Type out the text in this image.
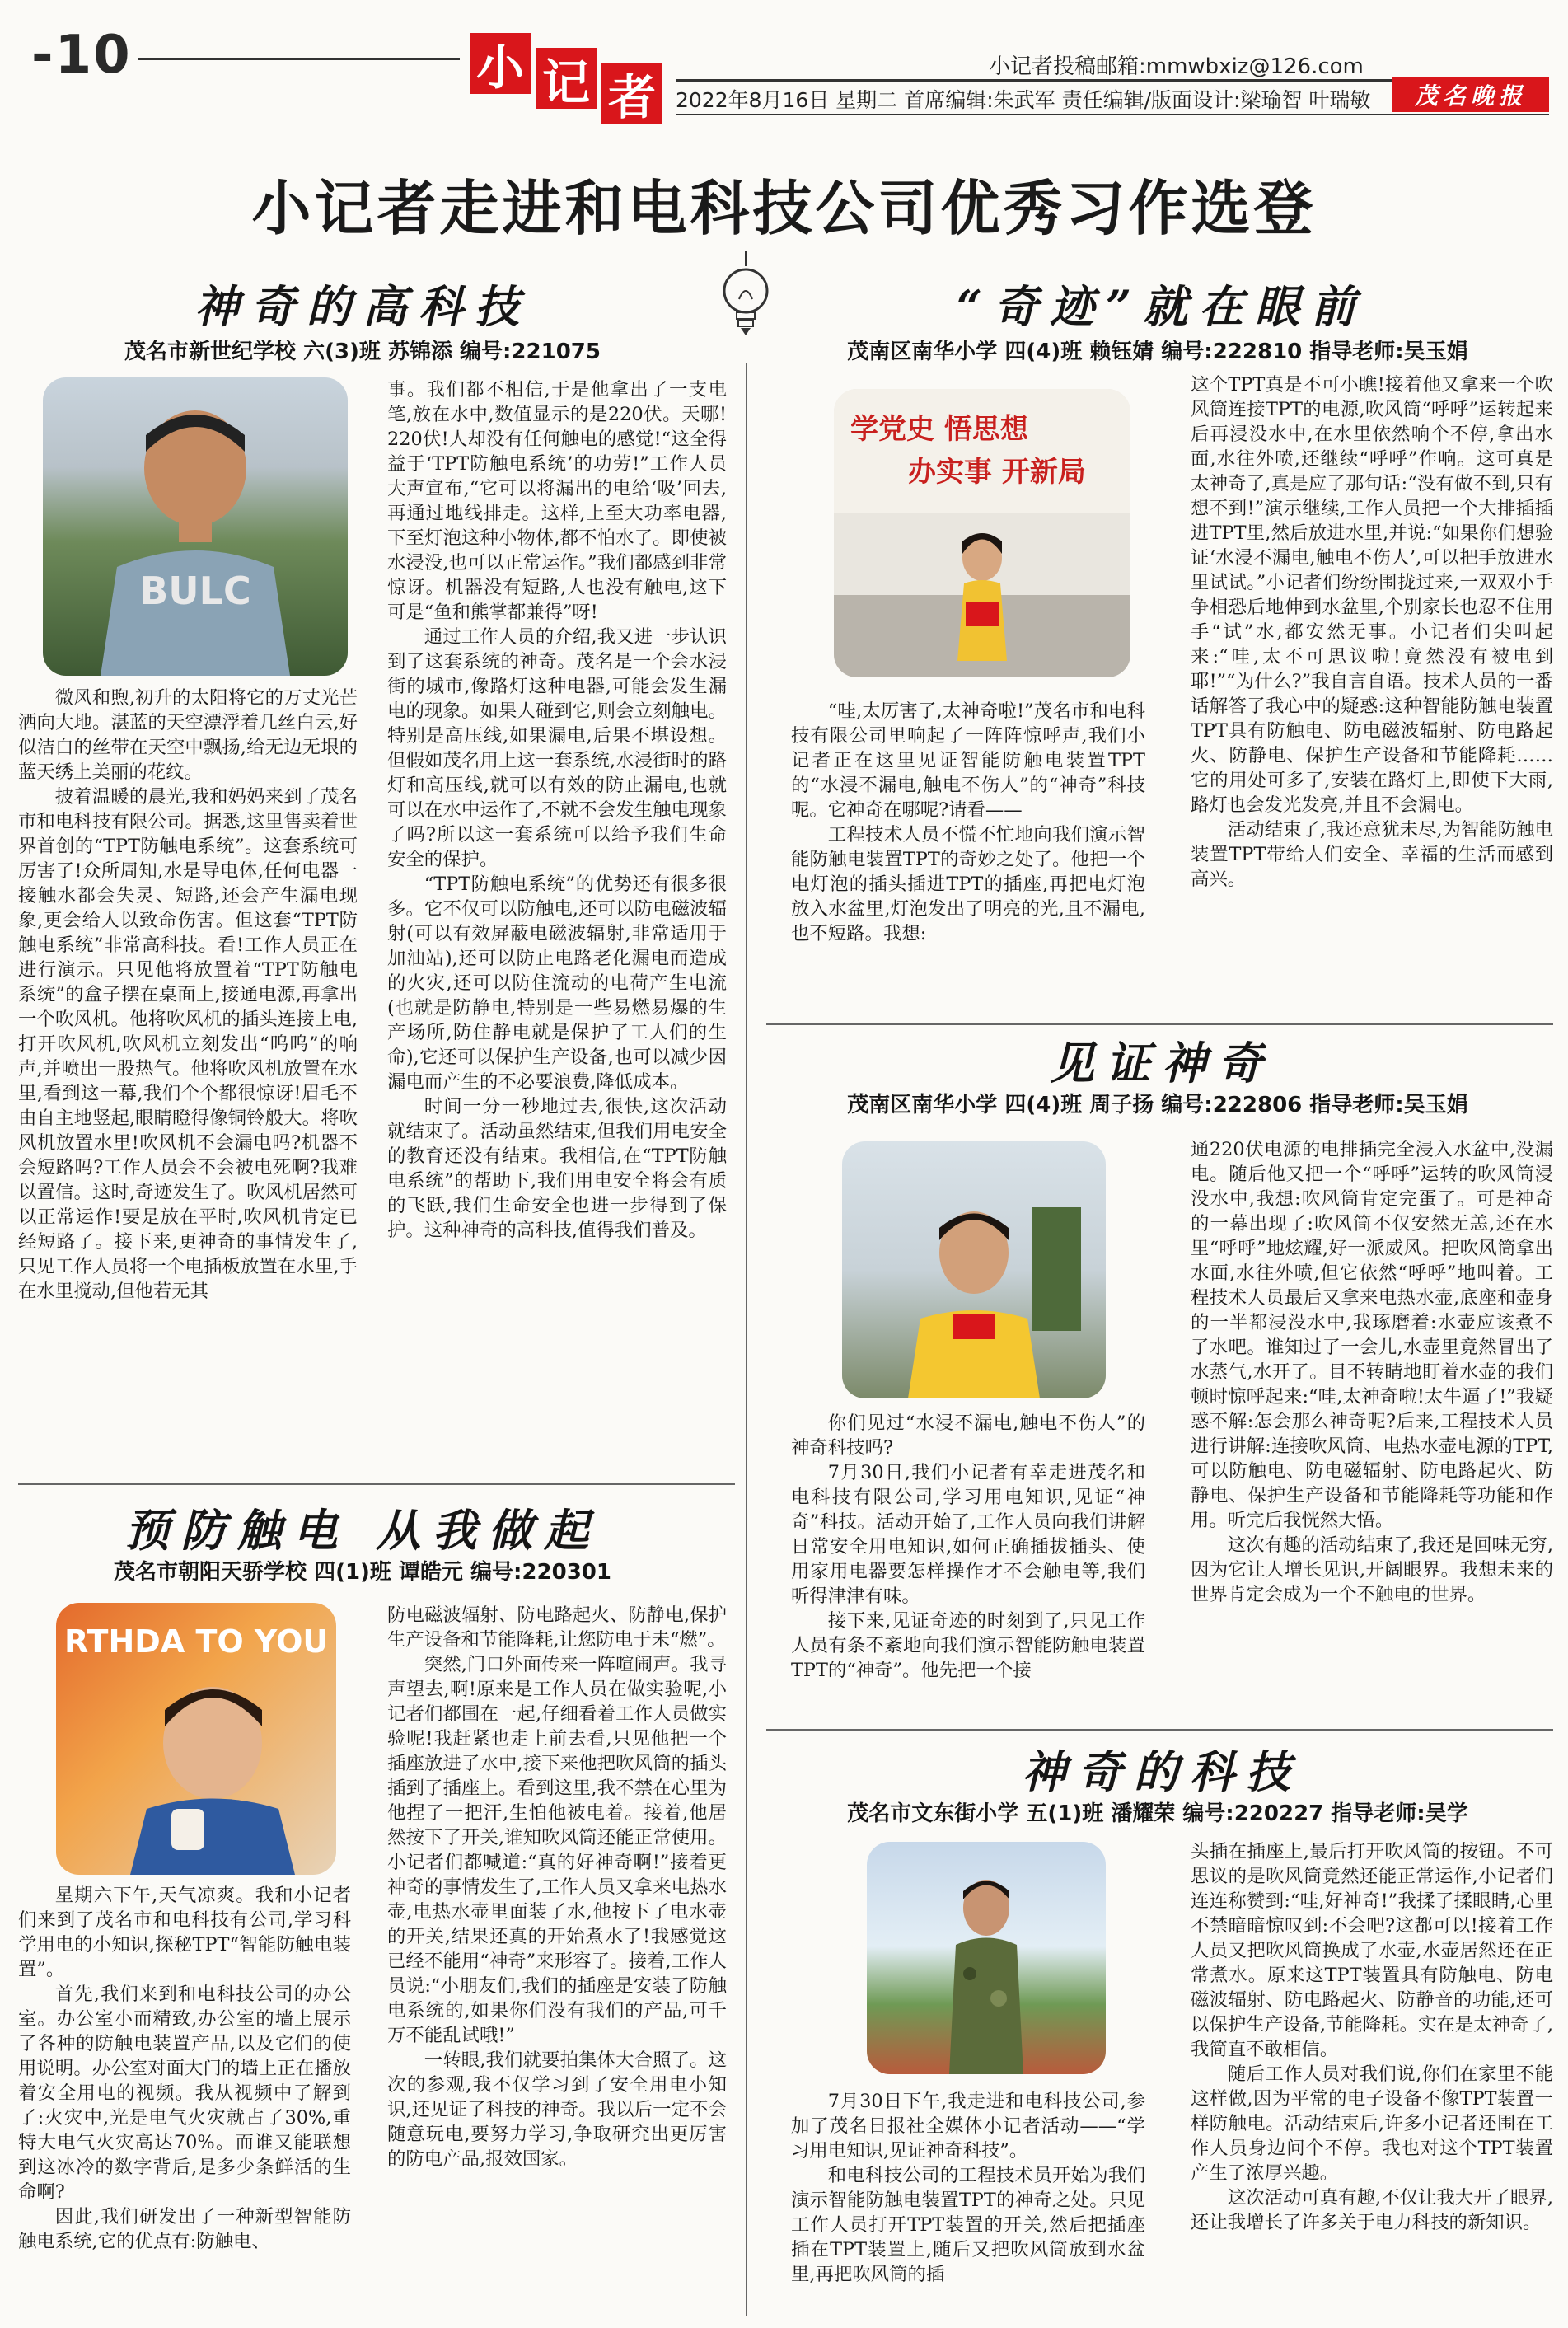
-10	小 记 者
小记者投稿邮箱:mmwbxiz@126.com
2022年8月16日 星期二 首席编辑:朱武军 责任编辑/版面设计:梁瑜智 叶瑞敏	茂名晚报
小记者走进和电科技公司优秀习作选登
神奇的高科技
茂名市新世纪学校 六(3)班 苏锦添 编号:221075
BULC

微风和煦,初升的太阳将它的万丈光芒洒向大地。湛蓝的天空漂浮着几丝白云,好似洁白的丝带在天空中飘扬,给无边无垠的蓝天绣上美丽的花纹。

披着温暖的晨光,我和妈妈来到了茂名市和电科技有限公司。据悉,这里售卖着世界首创的“TPT防触电系统”。这套系统可厉害了!众所周知,水是导电体,任何电器一接触水都会失灵、短路,还会产生漏电现象,更会给人以致命伤害。但这套“TPT防触电系统”非常高科技。看!工作人员正在进行演示。只见他将放置着“TPT防触电系统”的盒子摆在桌面上,接通电源,再拿出一个吹风机。他将吹风机的插头连接上电,打开吹风机,吹风机立刻发出“呜呜”的响声,并喷出一股热气。他将吹风机放置在水里,看到这一幕,我们个个都很惊讶!眉毛不由自主地竖起,眼睛瞪得像铜铃般大。将吹风机放置水里!吹风机不会漏电吗?机器不会短路吗?工作人员会不会被电死啊?我难以置信。这时,奇迹发生了。吹风机居然可以正常运作!要是放在平时,吹风机肯定已经短路了。接下来,更神奇的事情发生了,只见工作人员将一个电插板放置在水里,手在水里搅动,但他若无其

事。我们都不相信,于是他拿出了一支电笔,放在水中,数值显示的是220伏。天哪!220伏!人却没有任何触电的感觉!“这全得益于‘TPT防触电系统’的功劳!”工作人员大声宣布,“它可以将漏出的电给‘吸’回去,再通过地线排走。这样,上至大功率电器,下至灯泡这种小物体,都不怕水了。即使被水浸没,也可以正常运作。”我们都感到非常惊讶。机器没有短路,人也没有触电,这下可是“鱼和熊掌都兼得”呀!

通过工作人员的介绍,我又进一步认识到了这套系统的神奇。茂名是一个会水浸街的城市,像路灯这种电器,可能会发生漏电的现象。如果人碰到它,则会立刻触电。特别是高压线,如果漏电,后果不堪设想。但假如茂名用上这一套系统,水浸街时的路灯和高压线,就可以有效的防止漏电,也就可以在水中运作了,不就不会发生触电现象了吗?所以这一套系统可以给予我们生命安全的保护。

“TPT防触电系统”的优势还有很多很多。它不仅可以防触电,还可以防电磁波辐射(可以有效屏蔽电磁波辐射,非常适用于加油站),还可以防止电路老化漏电而造成的火灾,还可以防住流动的电荷产生电流(也就是防静电,特别是一些易燃易爆的生产场所,防住静电就是保护了工人们的生命),它还可以保护生产设备,也可以减少因漏电而产生的不必要浪费,降低成本。

时间一分一秒地过去,很快,这次活动就结束了。活动虽然结束,但我们用电安全的教育还没有结束。我相信,在“TPT防触电系统”的帮助下,我们用电安全将会有质的飞跃,我们生命安全也进一步得到了保护。这种神奇的高科技,值得我们普及。

预防触电 从我做起
茂名市朝阳天骄学校 四(1)班 谭皓元 编号:220301
RTHDA TO YOU

星期六下午,天气凉爽。我和小记者们来到了茂名市和电科技有公司,学习科学用电的小知识,探秘TPT“智能防触电装置”。

首先,我们来到和电科技公司的办公室。办公室小而精致,办公室的墙上展示了各种的防触电装置产品,以及它们的使用说明。办公室对面大门的墙上正在播放着安全用电的视频。我从视频中了解到了:火灾中,光是电气火灾就占了30%,重特大电气火灾高达70%。而谁又能联想到这冰冷的数字背后,是多少条鲜活的生命啊?

因此,我们研发出了一种新型智能防触电系统,它的优点有:防触电、

防电磁波辐射、防电路起火、防静电,保护生产设备和节能降耗,让您防电于未“燃”。

突然,门口外面传来一阵喧闹声。我寻声望去,啊!原来是工作人员在做实验呢,小记者们都围在一起,仔细看着工作人员做实验呢!我赶紧也走上前去看,只见他把一个插座放进了水中,接下来他把吹风筒的插头插到了插座上。看到这里,我不禁在心里为他捏了一把汗,生怕他被电着。接着,他居然按下了开关,谁知吹风筒还能正常使用。小记者们都喊道:“真的好神奇啊!”接着更神奇的事情发生了,工作人员又拿来电热水壶,电热水壶里面装了水,他按下了电水壶的开关,结果还真的开始煮水了!我感觉这已经不能用“神奇”来形容了。接着,工作人员说:“小朋友们,我们的插座是安装了防触电系统的,如果你们没有我们的产品,可千万不能乱试哦!”

一转眼,我们就要拍集体大合照了。这次的参观,我不仅学习到了安全用电小知识,还见证了科技的神奇。我以后一定不会随意玩电,要努力学习,争取研究出更厉害的防电产品,报效国家。

“奇迹”就在眼前
茂南区南华小学 四(4)班 赖钰婧 编号:222810 指导老师:吴玉娟
学党史 悟思想
办实事 开新局

“哇,太厉害了,太神奇啦!”茂名市和电科技有限公司里响起了一阵阵惊呼声,我们小记者正在这里见证智能防触电装置TPT的“水浸不漏电,触电不伤人”的“神奇”科技呢。它神奇在哪呢?请看——

工程技术人员不慌不忙地向我们演示智能防触电装置TPT的奇妙之处了。他把一个电灯泡的插头插进TPT的插座,再把电灯泡放入水盆里,灯泡发出了明亮的光,且不漏电,也不短路。我想:

这个TPT真是不可小瞧!接着他又拿来一个吹风筒连接TPT的电源,吹风筒“呼呼”运转起来后再浸没水中,在水里依然响个不停,拿出水面,水往外喷,还继续“呼呼”作响。这可真是太神奇了,真是应了那句话:“没有做不到,只有想不到!”演示继续,工作人员把一个大排插插进TPT里,然后放进水里,并说:“如果你们想验证‘水浸不漏电,触电不伤人’,可以把手放进水里试试。”小记者们纷纷围拢过来,一双双小手争相恐后地伸到水盆里,个别家长也忍不住用手“试”水,都安然无事。小记者们尖叫起来:“哇,太不可思议啦!竟然没有被电到耶!”“为什么?”我自言自语。技术人员的一番话解答了我心中的疑惑:这种智能防触电装置TPT具有防触电、防电磁波辐射、防电路起火、防静电、保护生产设备和节能降耗……它的用处可多了,安装在路灯上,即使下大雨,路灯也会发光发亮,并且不会漏电。

活动结束了,我还意犹未尽,为智能防触电装置TPT带给人们安全、幸福的生活而感到高兴。

见证神奇
茂南区南华小学 四(4)班 周子扬 编号:222806 指导老师:吴玉娟

你们见过“水浸不漏电,触电不伤人”的神奇科技吗?

7月30日,我们小记者有幸走进茂名和电科技有限公司,学习用电知识,见证“神奇”科技。活动开始了,工作人员向我们讲解日常安全用电知识,如何正确插拔插头、使用家用电器要怎样操作才不会触电等,我们听得津津有味。

接下来,见证奇迹的时刻到了,只见工作人员有条不紊地向我们演示智能防触电装置TPT的“神奇”。他先把一个接

通220伏电源的电排插完全浸入水盆中,没漏电。随后他又把一个“呼呼”运转的吹风筒浸没水中,我想:吹风筒肯定完蛋了。可是神奇的一幕出现了:吹风筒不仅安然无恙,还在水里“呼呼”地炫耀,好一派威风。把吹风筒拿出水面,水往外喷,但它依然“呼呼”地叫着。工程技术人员最后又拿来电热水壶,底座和壶身的一半都浸没水中,我琢磨着:水壶应该煮不了水吧。谁知过了一会儿,水壶里竟然冒出了水蒸气,水开了。目不转睛地盯着水壶的我们顿时惊呼起来:“哇,太神奇啦!太牛逼了!”我疑惑不解:怎会那么神奇呢?后来,工程技术人员进行讲解:连接吹风筒、电热水壶电源的TPT,可以防触电、防电磁辐射、防电路起火、防静电、保护生产设备和节能降耗等功能和作用。听完后我恍然大悟。

这次有趣的活动结束了,我还是回味无穷,因为它让人增长见识,开阔眼界。我想未来的世界肯定会成为一个不触电的世界。

神奇的科技
茂名市文东街小学 五(1)班 潘耀荣 编号:220227 指导老师:吴学

7月30日下午,我走进和电科技公司,参加了茂名日报社全媒体小记者活动——“学习用电知识,见证神奇科技”。

和电科技公司的工程技术员开始为我们演示智能防触电装置TPT的神奇之处。只见工作人员打开TPT装置的开关,然后把插座插在TPT装置上,随后又把吹风筒放到水盆里,再把吹风筒的插

头插在插座上,最后打开吹风筒的按钮。不可思议的是吹风筒竟然还能正常运作,小记者们连连称赞到:“哇,好神奇!”我揉了揉眼睛,心里不禁暗暗惊叹到:不会吧?这都可以!接着工作人员又把吹风筒换成了水壶,水壶居然还在正常煮水。原来这TPT装置具有防触电、防电磁波辐射、防电路起火、防静音的功能,还可以保护生产设备,节能降耗。实在是太神奇了,我简直不敢相信。

随后工作人员对我们说,你们在家里不能这样做,因为平常的电子设备不像TPT装置一样防触电。活动结束后,许多小记者还围在工作人员身边问个不停。我也对这个TPT装置产生了浓厚兴趣。

这次活动可真有趣,不仅让我大开了眼界,还让我增长了许多关于电力科技的新知识。
